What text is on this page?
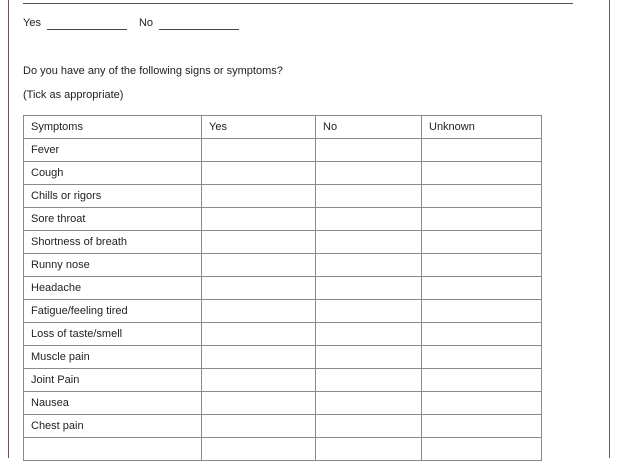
Yes	No
Do you have any of the following signs or symptoms?
(Tick as appropriate)
Symptoms	Yes	No	Unknown
Fever			
Cough			
Chills or rigors			
Sore throat			
Shortness of breath			
Runny nose			
Headache			
Fatigue/feeling tired			
Loss of taste/smell			
Muscle pain			
Joint Pain			
Nausea			
Chest pain			
